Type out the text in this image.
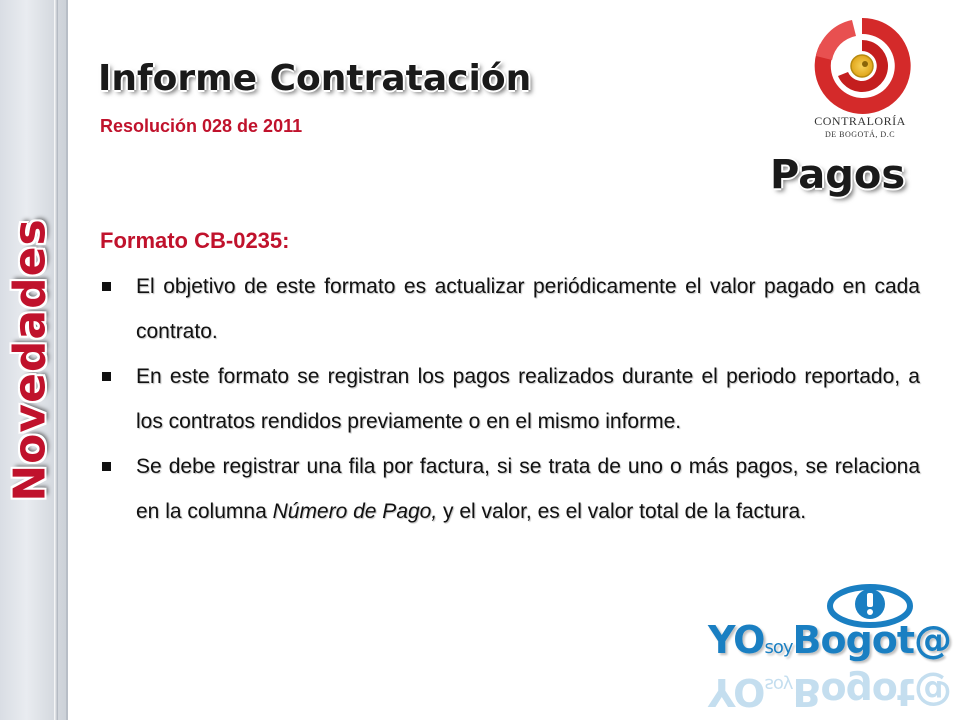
Novedades
Informe Contratación
Resolución 028 de 2011	CONTRALORÍA
DE BOGOTÁ, D.C
Pagos
Formato CB-0235:
El objetivo de este formato es actualizar periódicamente el valor pagado en cada contrato.
En este formato se registran los pagos realizados durante el periodo reportado, a los contratos rendidos previamente o en el mismo informe.
Se debe registrar una fila por factura, si se trata de uno o más pagos, se relaciona en la columna Número de Pago, y el valor, es el valor total de la factura.
YOsoyBogot@
YOsoyBogot@
